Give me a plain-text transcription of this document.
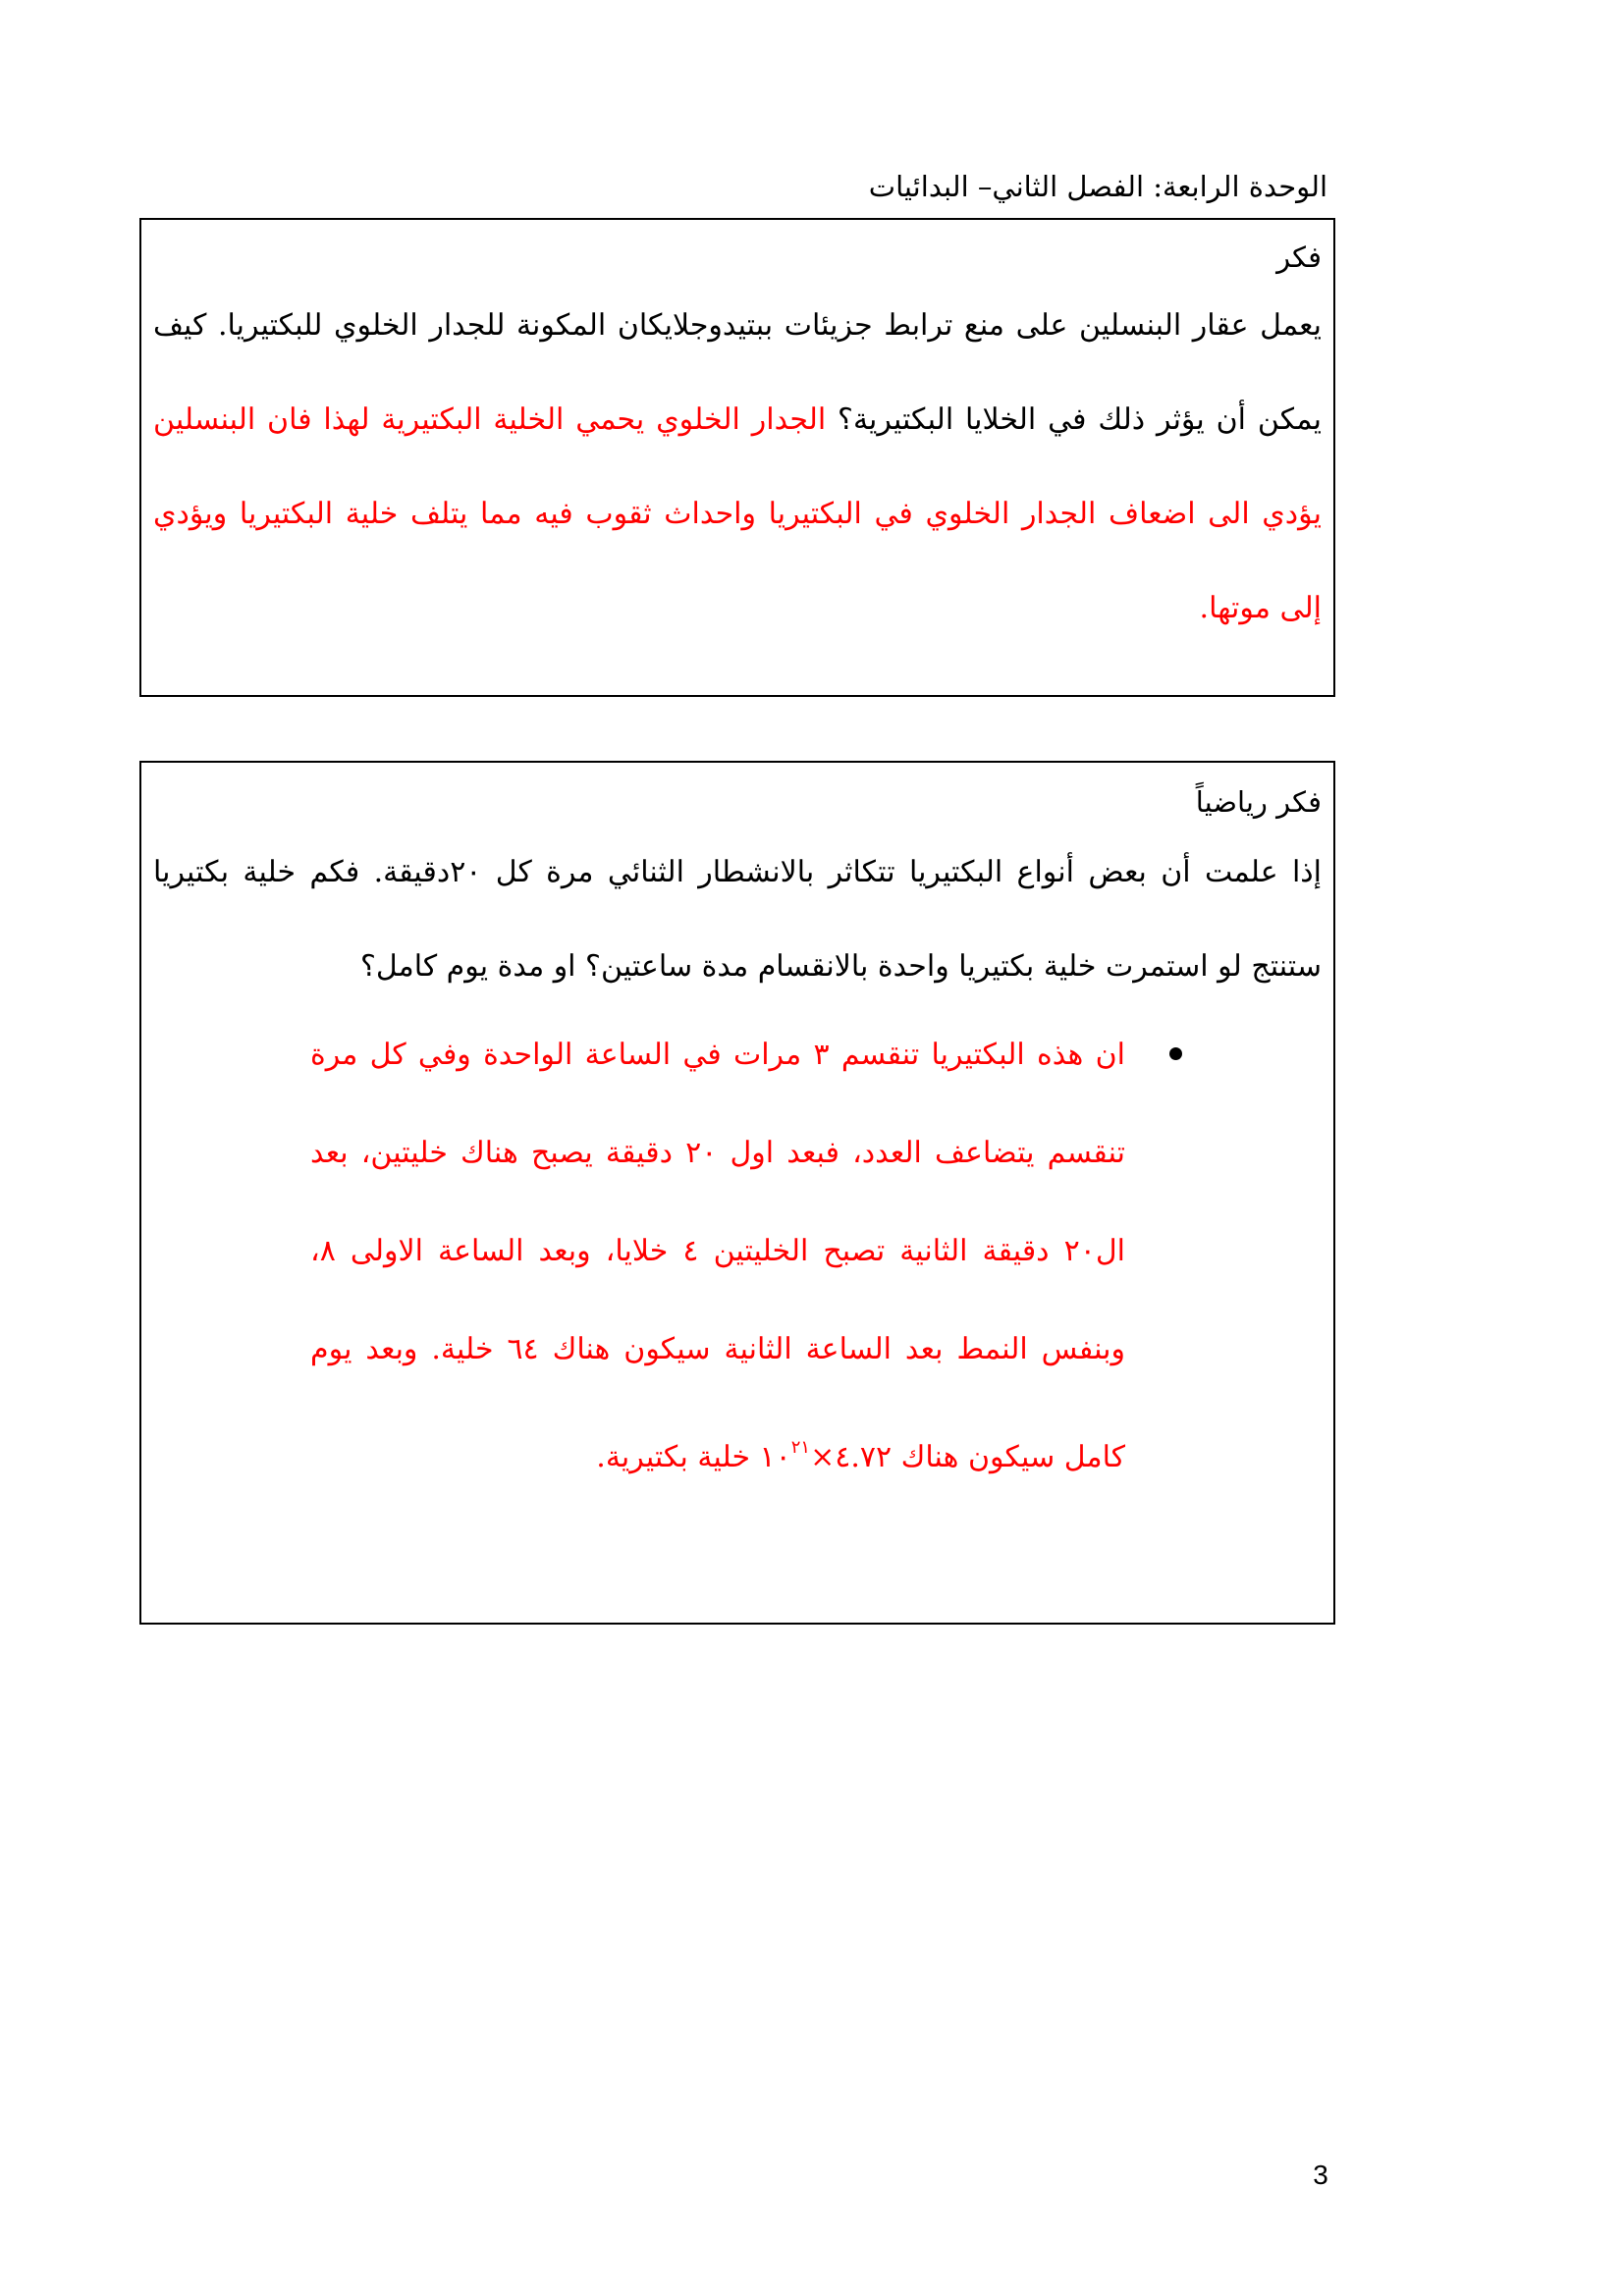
الوحدة الرابعة: الفصل الثاني– البدائيات
فكر
يعمل عقار البنسلين على منع ترابط جزيئات ببتيدوجلايكان المكونة للجدار الخلوي للبكتيريا. كيف يمكن أن يؤثر ذلك في الخلايا البكتيرية؟ الجدار الخلوي يحمي الخلية البكتيرية لهذا فان البنسلين يؤدي الى اضعاف الجدار الخلوي في البكتيريا واحداث ثقوب فيه مما يتلف خلية البكتيريا ويؤدي إلى موتها.
فكر رياضياً
إذا علمت أن بعض أنواع البكتيريا تتكاثر بالانشطار الثنائي مرة كل ٢٠دقيقة. فكم خلية بكتيريا ستنتج لو استمرت خلية بكتيريا واحدة بالانقسام مدة ساعتين؟ او مدة يوم كامل؟
ان هذه البكتيريا تنقسم ٣ مرات في الساعة الواحدة وفي كل مرة تنقسم يتضاعف العدد، فبعد اول ٢٠ دقيقة يصبح هناك خليتين، بعد ال٢٠ دقيقة الثانية تصبح الخليتين ٤ خلايا، وبعد الساعة الاولى ٨، وبنفس النمط بعد الساعة الثانية سيكون هناك ٦٤ خلية. وبعد يوم كامل سيكون هناك $٤.٧٢\times ١٠^{٢١}$ خلية بكتيرية.
3
